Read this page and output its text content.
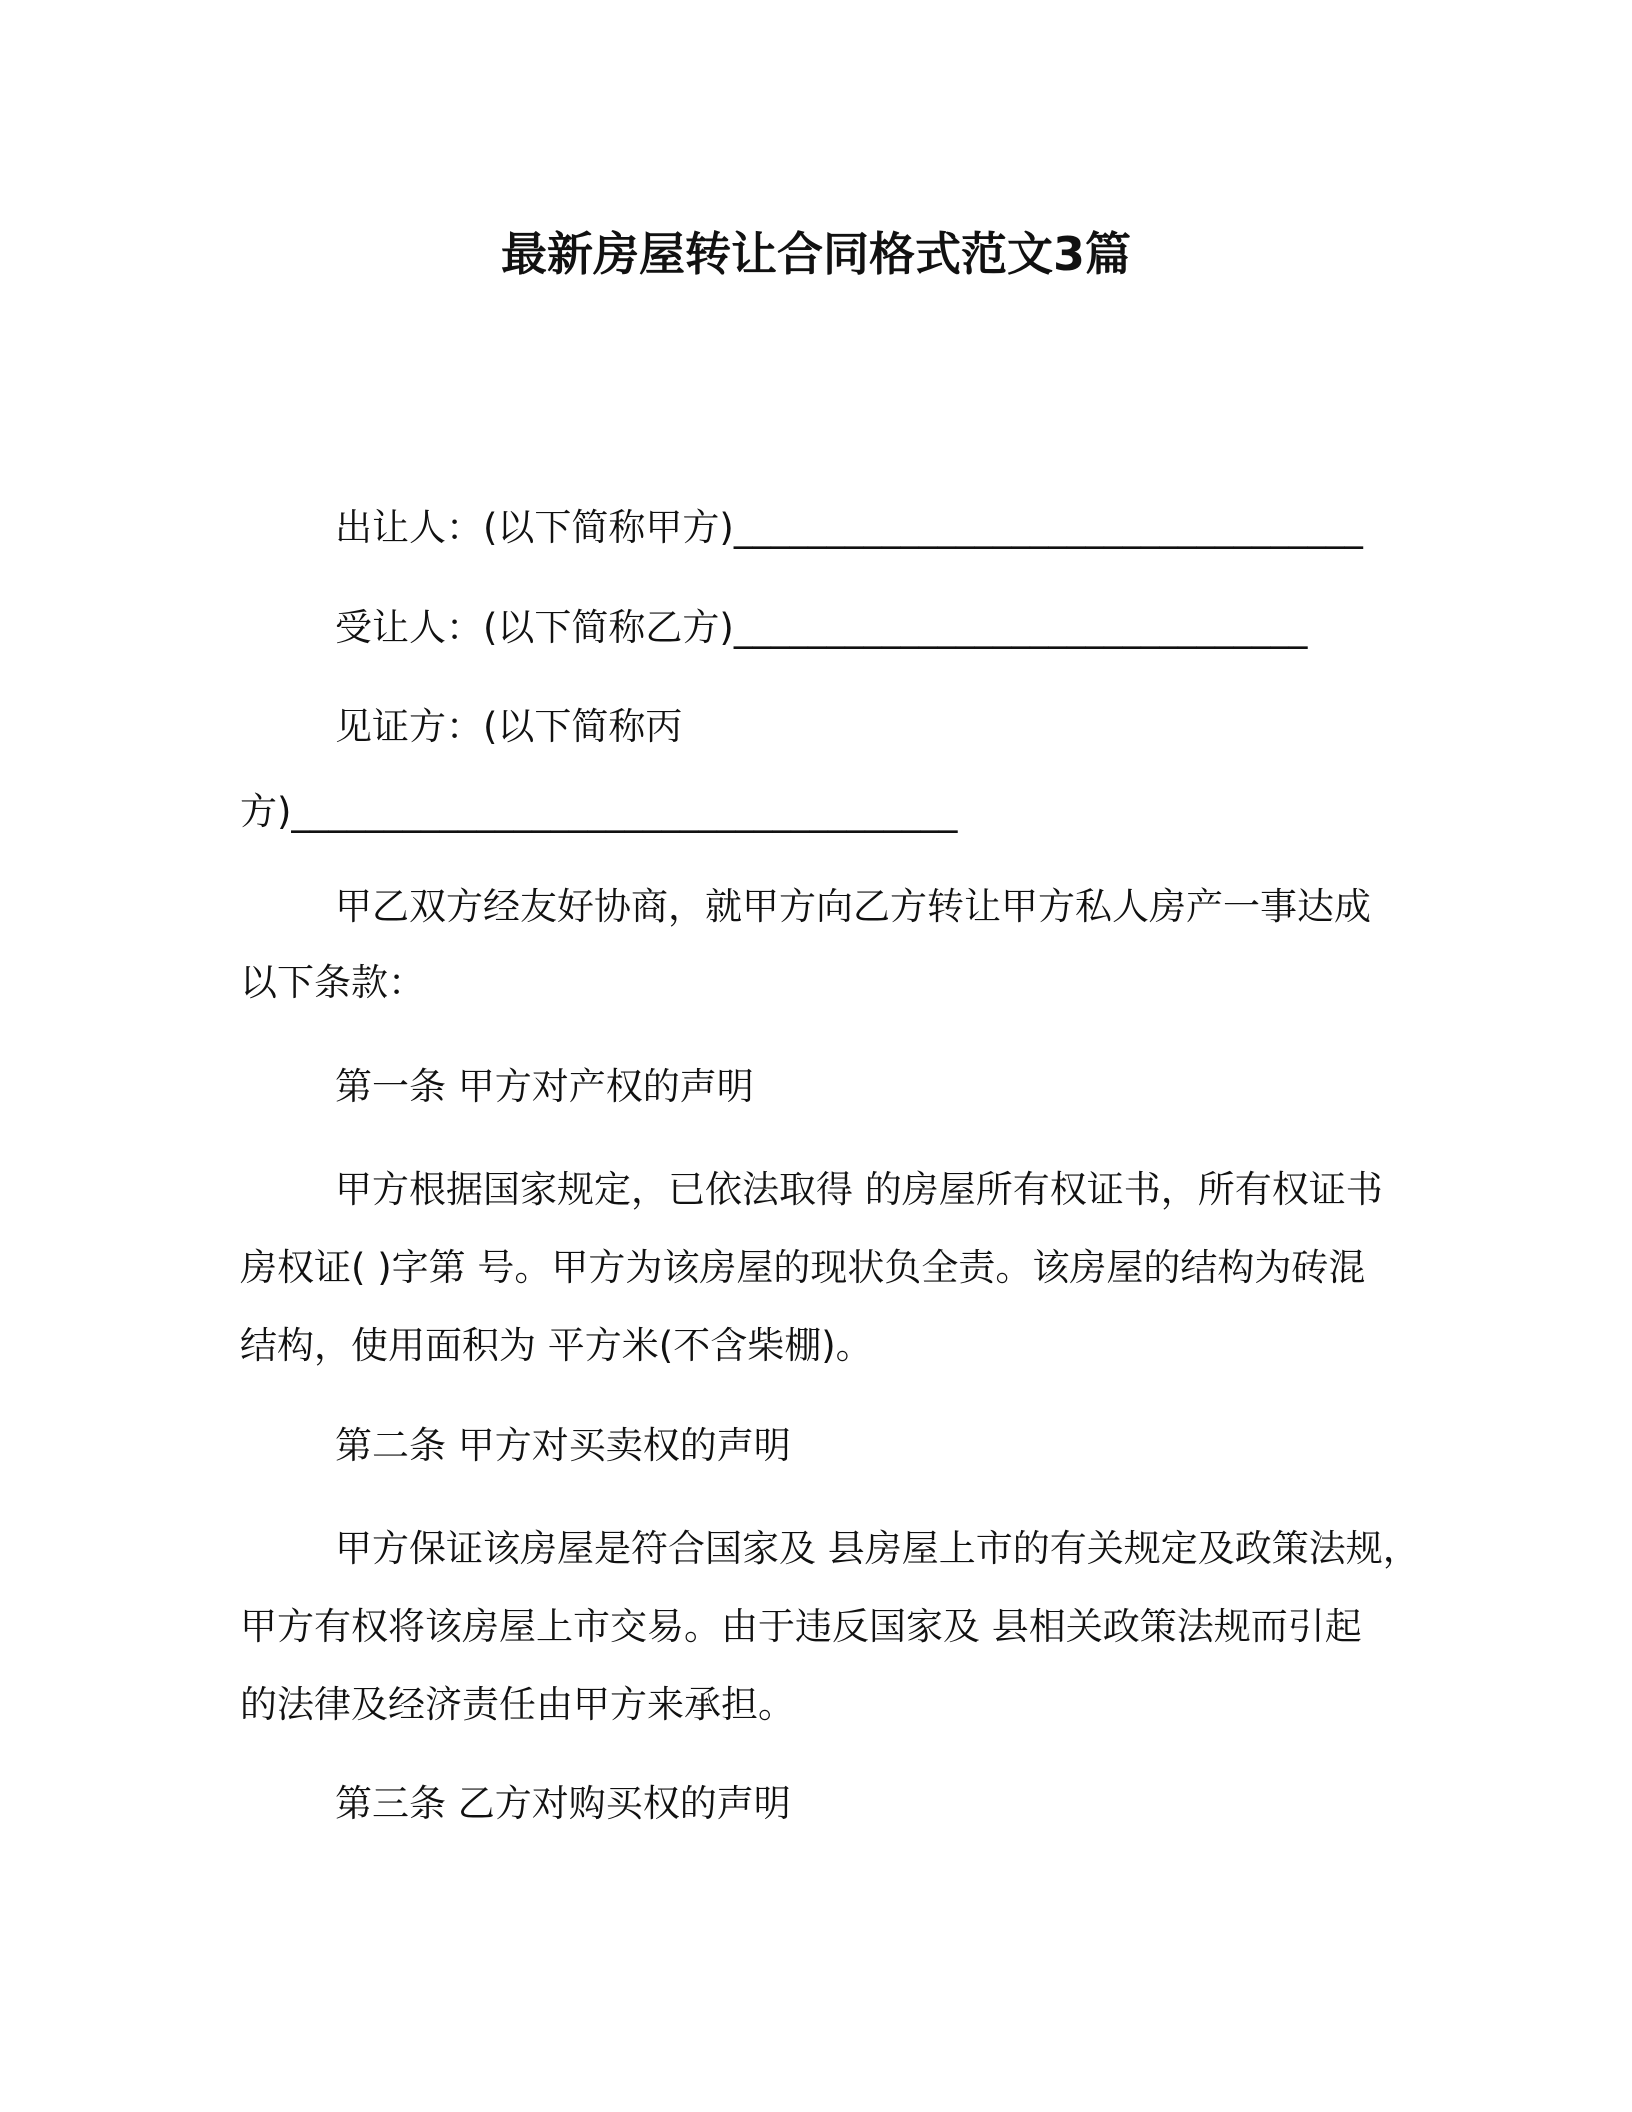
最新房屋转让合同格式范文3篇
出让人：(以下简称甲方)__________________________________
受让人：(以下简称乙方)_______________________________
见证方：(以下简称丙
方)____________________________________
甲乙双方经友好协商，就甲方向乙方转让甲方私人房产一事达成
以下条款：
第一条 甲方对产权的声明
甲方根据国家规定，已依法取得 的房屋所有权证书，所有权证书
房权证( )字第 号。甲方为该房屋的现状负全责。该房屋的结构为砖混
结构，使用面积为 平方米(不含柴棚)。
第二条 甲方对买卖权的声明
甲方保证该房屋是符合国家及 县房屋上市的有关规定及政策法规，
甲方有权将该房屋上市交易。由于违反国家及 县相关政策法规而引起
的法律及经济责任由甲方来承担。
第三条 乙方对购买权的声明
